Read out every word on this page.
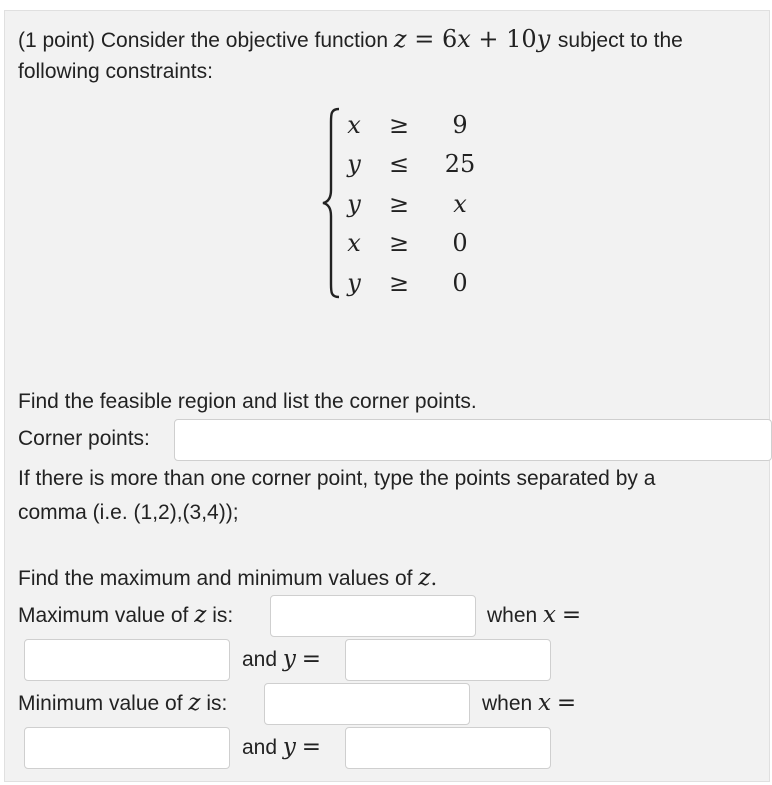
(1 point) Consider the objective function z = 6x + 10y subject to the
following constraints:
x ≥	9
y ≤	25
y ≥	x
x ≥	0
y ≥	0
Find the feasible region and list the corner points.
Corner points:
If there is more than one corner point, type the points separated by a
comma (i.e. (1,2),(3,4));
Find the maximum and minimum values of z.
Maximum value of z is:	when x =
and y =
Minimum value of z is:	when x =
and y =
